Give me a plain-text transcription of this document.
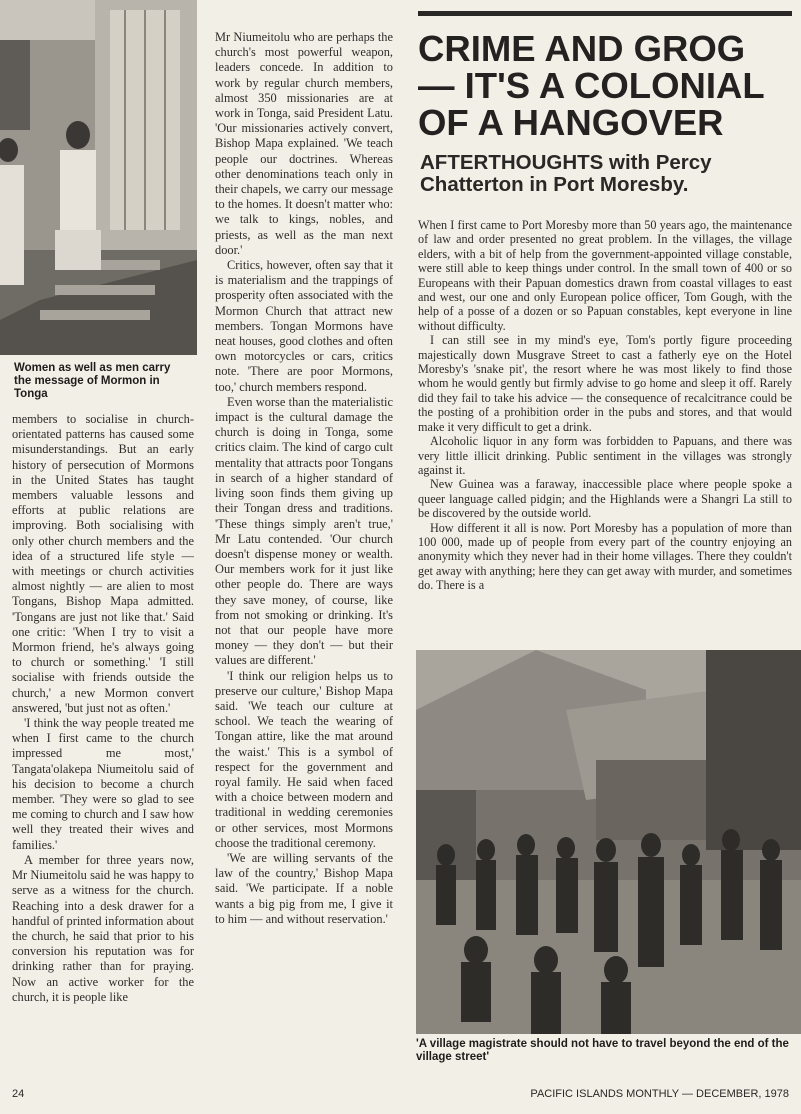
Women as well as men carry the message of Mormon in Tonga

members to socialise in church-orientated patterns has caused some misunderstandings. But an early history of persecution of Mormons in the United States has taught members valuable lessons and efforts at public relations are improving. Both socialising with only other church members and the idea of a structured life style — with meetings or church activities almost nightly — are alien to most Tongans, Bishop Mapa admitted. 'Tongans are just not like that.' Said one critic: 'When I try to visit a Mormon friend, he's always going to church or something.' 'I still socialise with friends outside the church,' a new Mormon convert answered, 'but just not as often.'

'I think the way people treated me when I first came to the church impressed me most,' Tangata'olakepa Niumeitolu said of his decision to become a church member. 'They were so glad to see me coming to church and I saw how well they treated their wives and families.'

A member for three years now, Mr Niumeitolu said he was happy to serve as a witness for the church. Reaching into a desk drawer for a handful of printed information about the church, he said that prior to his conversion his reputation was for drinking rather than for praying. Now an active worker for the church, it is people like

Mr Niumeitolu who are perhaps the church's most powerful weapon, leaders concede. In addition to work by regular church members, almost 350 missionaries are at work in Tonga, said President Latu. 'Our missionaries actively convert, Bishop Mapa explained. 'We teach people our doctrines. Whereas other denominations teach only in their chapels, we carry our message to the homes. It doesn't matter who: we talk to kings, nobles, and priests, as well as the man next door.'

Critics, however, often say that it is materialism and the trappings of prosperity often associated with the Mormon Church that attract new members. Tongan Mormons have neat houses, good clothes and often own motorcycles or cars, critics note. 'There are poor Mormons, too,' church members respond.

Even worse than the materialistic impact is the cultural damage the church is doing in Tonga, some critics claim. The kind of cargo cult mentality that attracts poor Tongans in search of a higher standard of living soon finds them giving up their Tongan dress and traditions. 'These things simply aren't true,' Mr Latu contended. 'Our church doesn't dispense money or wealth. Our members work for it just like other people do. There are ways they save money, of course, like from not smoking or drinking. It's not that our people have more money — they don't — but their values are different.'

'I think our religion helps us to preserve our culture,' Bishop Mapa said. 'We teach our culture at school. We teach the wearing of Tongan attire, like the mat around the waist.' This is a symbol of respect for the government and royal family. He said when faced with a choice between modern and traditional in wedding ceremonies or other services, most Mormons choose the traditional ceremony.

'We are willing servants of the law of the country,' Bishop Mapa said. 'We participate. If a noble wants a big pig from me, I give it to him — and without reservation.'

CRIME AND GROG
— IT'S A COLONIAL
OF A HANGOVER
AFTERTHOUGHTS with Percy
Chatterton in Port Moresby.

When I first came to Port Moresby more than 50 years ago, the maintenance of law and order presented no great problem. In the villages, the village elders, with a bit of help from the government-appointed village constable, were still able to keep things under control. In the small town of 400 or so Europeans with their Papuan domestics drawn from coastal villages to east and west, our one and only European police officer, Tom Gough, with the help of a posse of a dozen or so Papuan constables, kept everyone in line without difficulty.

I can still see in my mind's eye, Tom's portly figure proceeding majestically down Musgrave Street to cast a fatherly eye on the Hotel Moresby's 'snake pit', the resort where he was most likely to find those whom he would gently but firmly advise to go home and sleep it off. Rarely did they fail to take his advice — the consequence of recalcitrance could be the posting of a prohibition order in the pubs and stores, and that would make it very difficult to get a drink.

Alcoholic liquor in any form was forbidden to Papuans, and there was very little illicit drinking. Public sentiment in the villages was strongly against it.

New Guinea was a faraway, inaccessible place where people spoke a queer language called pidgin; and the Highlands were a Shangri La still to be discovered by the outside world.

How different it all is now. Port Moresby has a population of more than 100 000, made up of people from every part of the country enjoying an anonymity which they never had in their home villages. There they couldn't get away with anything; here they can get away with murder, and sometimes do. There is a

'A village magistrate should not have to travel beyond the end of the village street'
24	PACIFIC ISLANDS MONTHLY — DECEMBER, 1978
